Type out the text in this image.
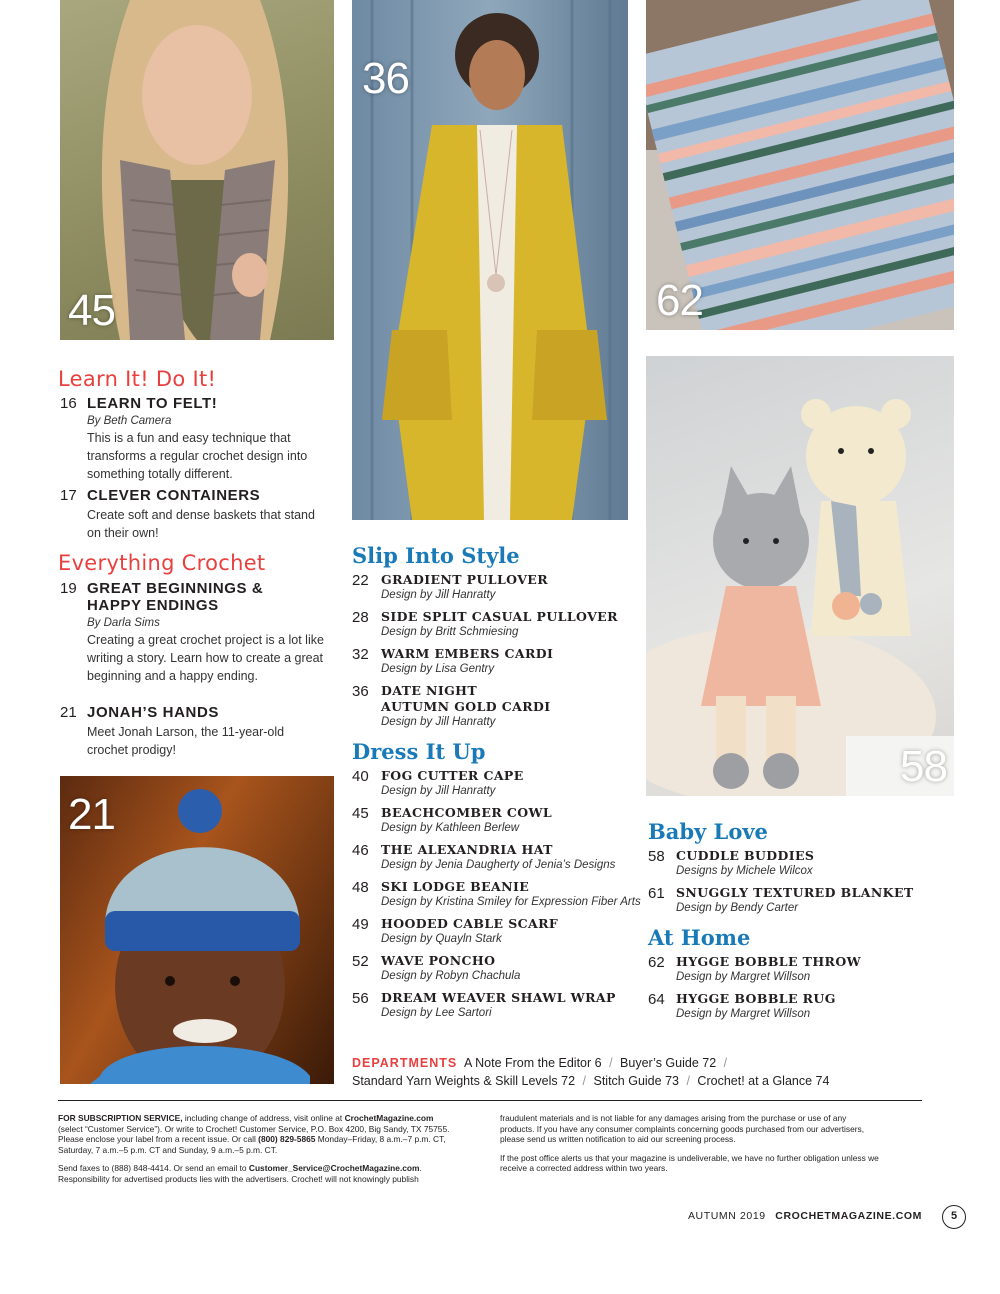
45
36
62
58
21
Learn It! Do It!
16 LEARN TO FELT!
By Beth Camera
This is a fun and easy technique that
transforms a regular crochet design into
something totally different.
17 CLEVER CONTAINERS
Create soft and dense baskets that stand
on their own!
Everything Crochet
19 GREAT BEGINNINGS &
HAPPY ENDINGS
By Darla Sims
Creating a great crochet project is a lot like
writing a story. Learn how to create a great
beginning and a happy ending.
21 JONAH’S HANDS
Meet Jonah Larson, the 11-year-old
crochet prodigy!
Slip Into Style
22 GRADIENT PULLOVER
Design by Jill Hanratty
28 SIDE SPLIT CASUAL PULLOVER
Design by Britt Schmiesing
32 WARM EMBERS CARDI
Design by Lisa Gentry
36 DATE NIGHT
AUTUMN GOLD CARDI
Design by Jill Hanratty
Dress It Up
40 FOG CUTTER CAPE
Design by Jill Hanratty
45 BEACHCOMBER COWL
Design by Kathleen Berlew
46 THE ALEXANDRIA HAT
Design by Jenia Daugherty of Jenia’s Designs
48 SKI LODGE BEANIE
Design by Kristina Smiley for Expression Fiber Arts
49 HOODED CABLE SCARF
Design by Quayln Stark
52 WAVE PONCHO
Design by Robyn Chachula
56 DREAM WEAVER SHAWL WRAP
Design by Lee Sartori
Baby Love
58 CUDDLE BUDDIES
Designs by Michele Wilcox
61 SNUGGLY TEXTURED BLANKET
Design by Bendy Carter
At Home
62 HYGGE BOBBLE THROW
Design by Margret Willson
64 HYGGE BOBBLE RUG
Design by Margret Willson
DEPARTMENTS A Note From the Editor 6 / Buyer’s Guide 72 /
Standard Yarn Weights & Skill Levels 72 / Stitch Guide 73 / Crochet! at a Glance 74
FOR SUBSCRIPTION SERVICE, including change of address, visit online at CrochetMagazine.com
(select “Customer Service”). Or write to Crochet! Customer Service, P.O. Box 4200, Big Sandy, TX 75755.
Please enclose your label from a recent issue. Or call (800) 829-5865 Monday–Friday, 8 a.m.–7 p.m. CT,
Saturday, 7 a.m.–5 p.m. CT and Sunday, 9 a.m.–5 p.m. CT.
Send faxes to (888) 848-4414. Or send an email to Customer_Service@CrochetMagazine.com.
Responsibility for advertised products lies with the advertisers. Crochet! will not knowingly publish
fraudulent materials and is not liable for any damages arising from the purchase or use of any
products. If you have any consumer complaints concerning goods purchased from our advertisers,
please send us written notification to aid our screening process.
If the post office alerts us that your magazine is undeliverable, we have no further obligation unless we
receive a corrected address within two years.
AUTUMN 2019 CROCHETMAGAZINE.COM	5
